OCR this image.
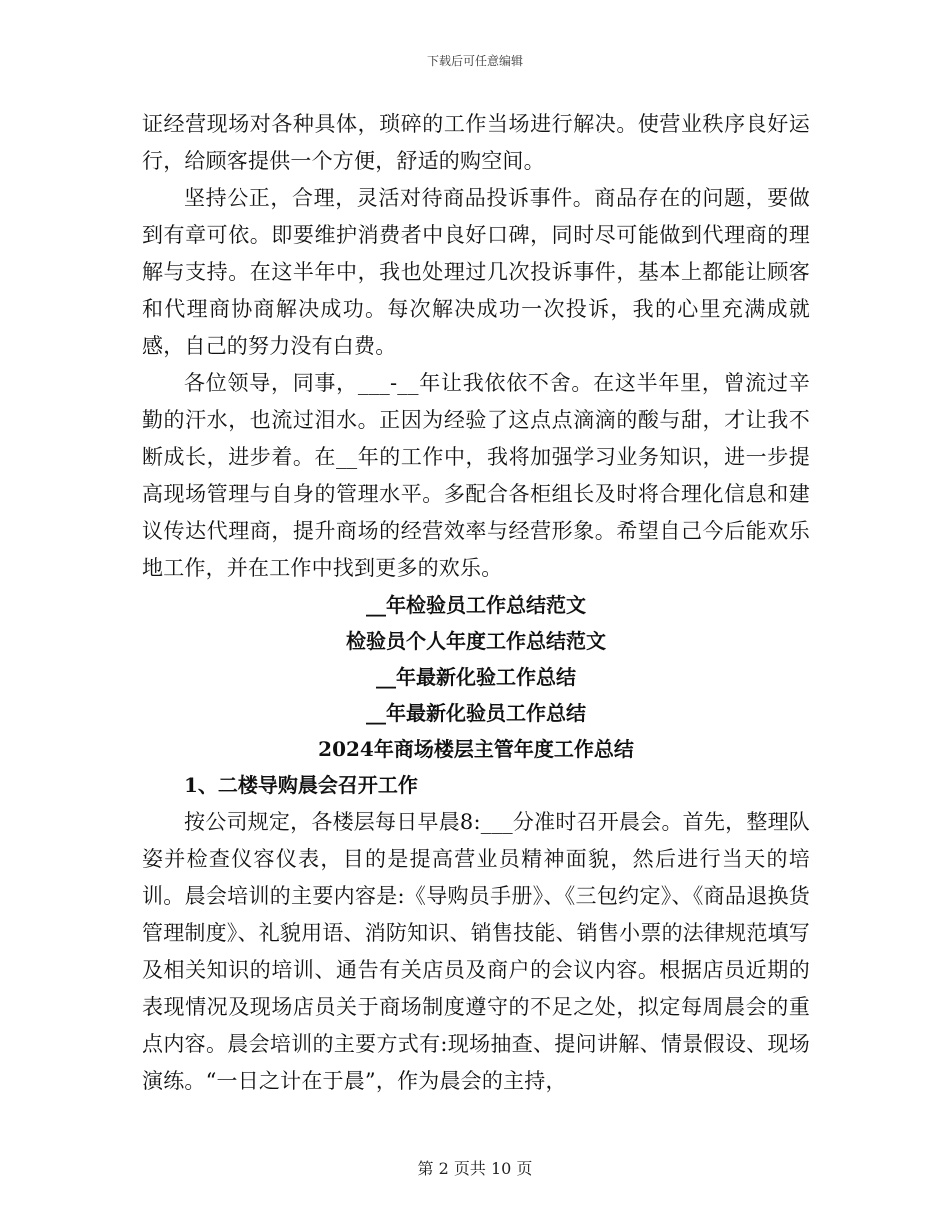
下载后可任意编辑

证经营现场对各种具体，琐碎的工作当场进行解决。使营业秩序良好运行，给顾客提供一个方便，舒适的购空间。

坚持公正，合理，灵活对待商品投诉事件。商品存在的问题，要做到有章可依。即要维护消费者中良好口碑，同时尽可能做到代理商的理解与支持。在这半年中，我也处理过几次投诉事件，基本上都能让顾客和代理商协商解决成功。每次解决成功一次投诉，我的心里充满成就感，自己的努力没有白费。

各位领导，同事，___-__年让我依依不舍。在这半年里，曾流过辛勤的汗水，也流过泪水。正因为经验了这点点滴滴的酸与甜，才让我不断成长，进步着。在__年的工作中，我将加强学习业务知识，进一步提高现场管理与自身的管理水平。多配合各柜组长及时将合理化信息和建议传达代理商，提升商场的经营效率与经营形象。希望自己今后能欢乐地工作，并在工作中找到更多的欢乐。

__年检验员工作总结范文

检验员个人年度工作总结范文

__年最新化验工作总结

__年最新化验员工作总结

2024年商场楼层主管年度工作总结

1、二楼导购晨会召开工作

按公司规定，各楼层每日早晨8:___分准时召开晨会。首先，整理队姿并检查仪容仪表，目的是提高营业员精神面貌，然后进行当天的培训。晨会培训的主要内容是:《导购员手册》、《三包约定》、《商品退换货管理制度》、礼貌用语、消防知识、销售技能、销售小票的法律规范填写及相关知识的培训、通告有关店员及商户的会议内容。根据店员近期的表现情况及现场店员关于商场制度遵守的不足之处，拟定每周晨会的重点内容。晨会培训的主要方式有:现场抽查、提问讲解、情景假设、现场演练。“一日之计在于晨”，作为晨会的主持，

第 2 页共 10 页
